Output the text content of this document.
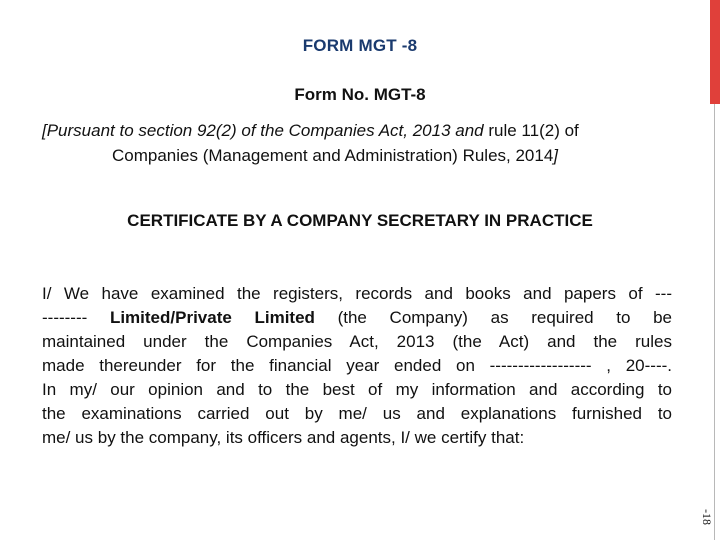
-18
FORM MGT -8
Form No. MGT-8
[Pursuant to section 92(2) of the Companies Act, 2013 and rule 11(2) of
Companies (Management and Administration) Rules, 2014]
CERTIFICATE BY A COMPANY SECRETARY IN PRACTICE
I/ We have examined the registers, records and books and papers of ---
-------- Limited/Private Limited (the Company) as required to be
maintained under the Companies Act, 2013 (the Act) and the rules
made thereunder for the financial year ended on ------------------ , 20----.
In my/ our opinion and to the best of my information and according to
the examinations carried out by me/ us and explanations furnished to
me/ us by the company, its officers and agents, I/ we certify that:
